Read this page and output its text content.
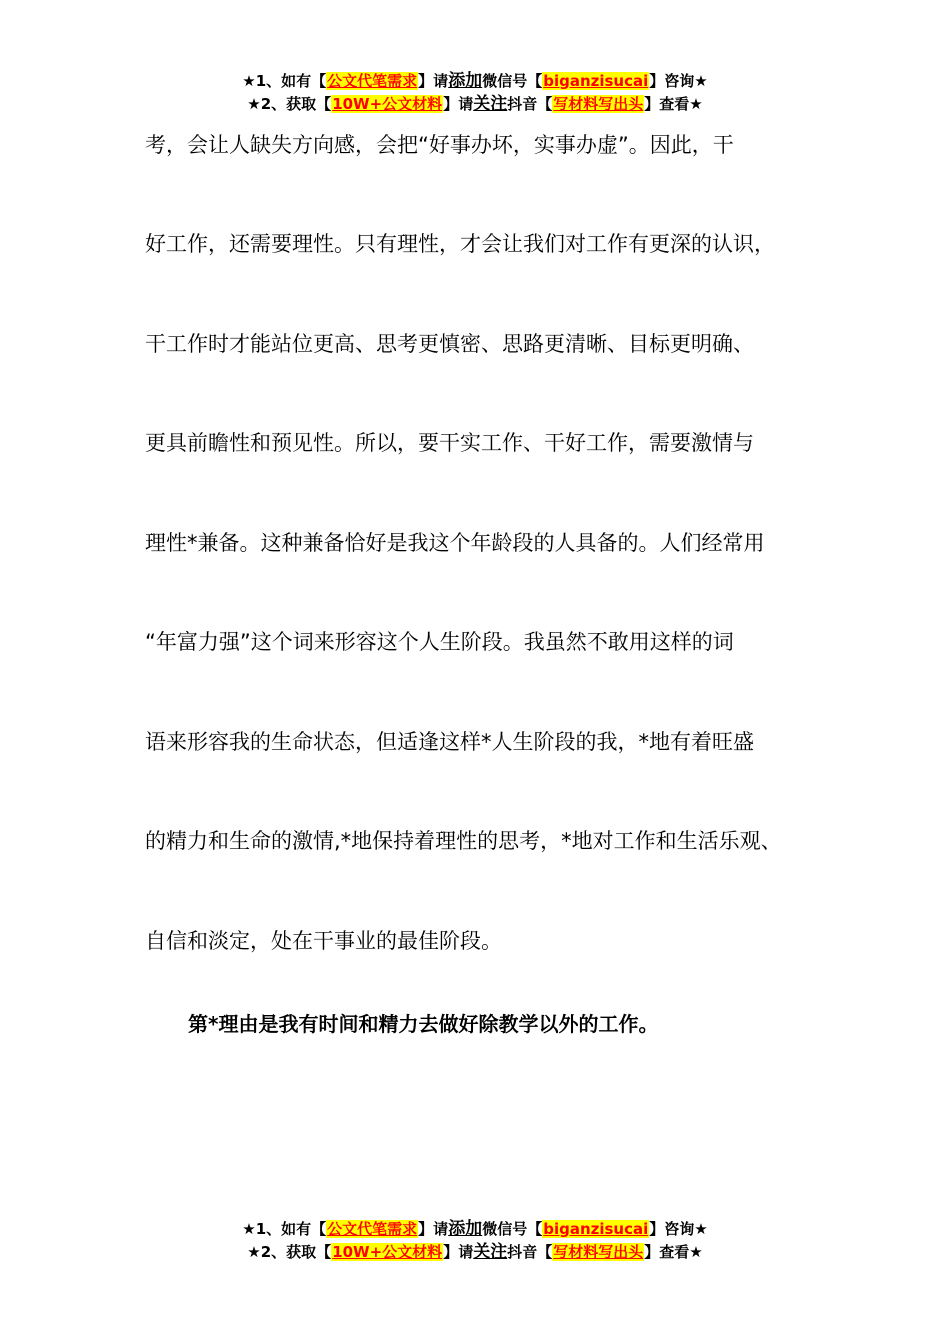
★1、如有【公文代笔需求】请添加微信号【biganzisucai】咨询★
★2、获取【10W+公文材料】请关注抖音【写材料写出头】查看★
考，会让人缺失方向感，会把“好事办坏，实事办虚”。因此，干
好工作，还需要理性。只有理性，才会让我们对工作有更深的认识，
干工作时才能站位更高、思考更慎密、思路更清晰、目标更明确、
更具前瞻性和预见性。所以，要干实工作、干好工作，需要激情与
理性*兼备。这种兼备恰好是我这个年龄段的人具备的。人们经常用
“年富力强”这个词来形容这个人生阶段。我虽然不敢用这样的词
语来形容我的生命状态，但适逢这样*人生阶段的我，*地有着旺盛
的精力和生命的激情,*地保持着理性的思考，*地对工作和生活乐观、
自信和淡定，处在干事业的最佳阶段。
第*理由是我有时间和精力去做好除教学以外的工作。
★1、如有【公文代笔需求】请添加微信号【biganzisucai】咨询★
★2、获取【10W+公文材料】请关注抖音【写材料写出头】查看★
